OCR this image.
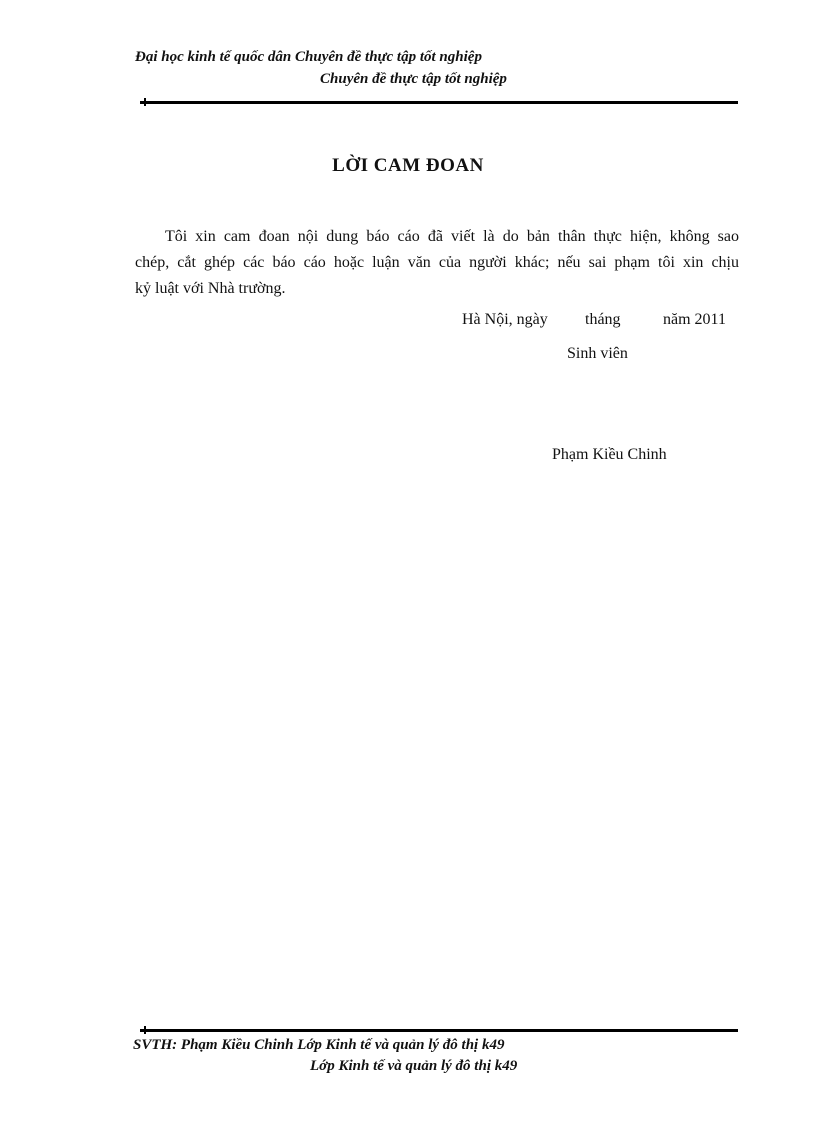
Đại học kinh tế quốc dân Chuyên đề thực tập tốt nghiệp
Chuyên đề thực tập tốt nghiệp
LỜI CAM ĐOAN
Tôi xin cam đoan nội dung báo cáo đã viết là do bản thân thực hiện, không sao
chép, cắt ghép các báo cáo hoặc luận văn của người khác; nếu sai phạm tôi xin chịu
kỷ luật với Nhà trường.
Hà Nội, ngày tháng	năm 2011
Sinh viên
Phạm Kiều Chinh
SVTH: Phạm Kiều Chinh Lớp Kinh tế và quản lý đô thị k49
Lớp Kinh tế và quản lý đô thị k49
